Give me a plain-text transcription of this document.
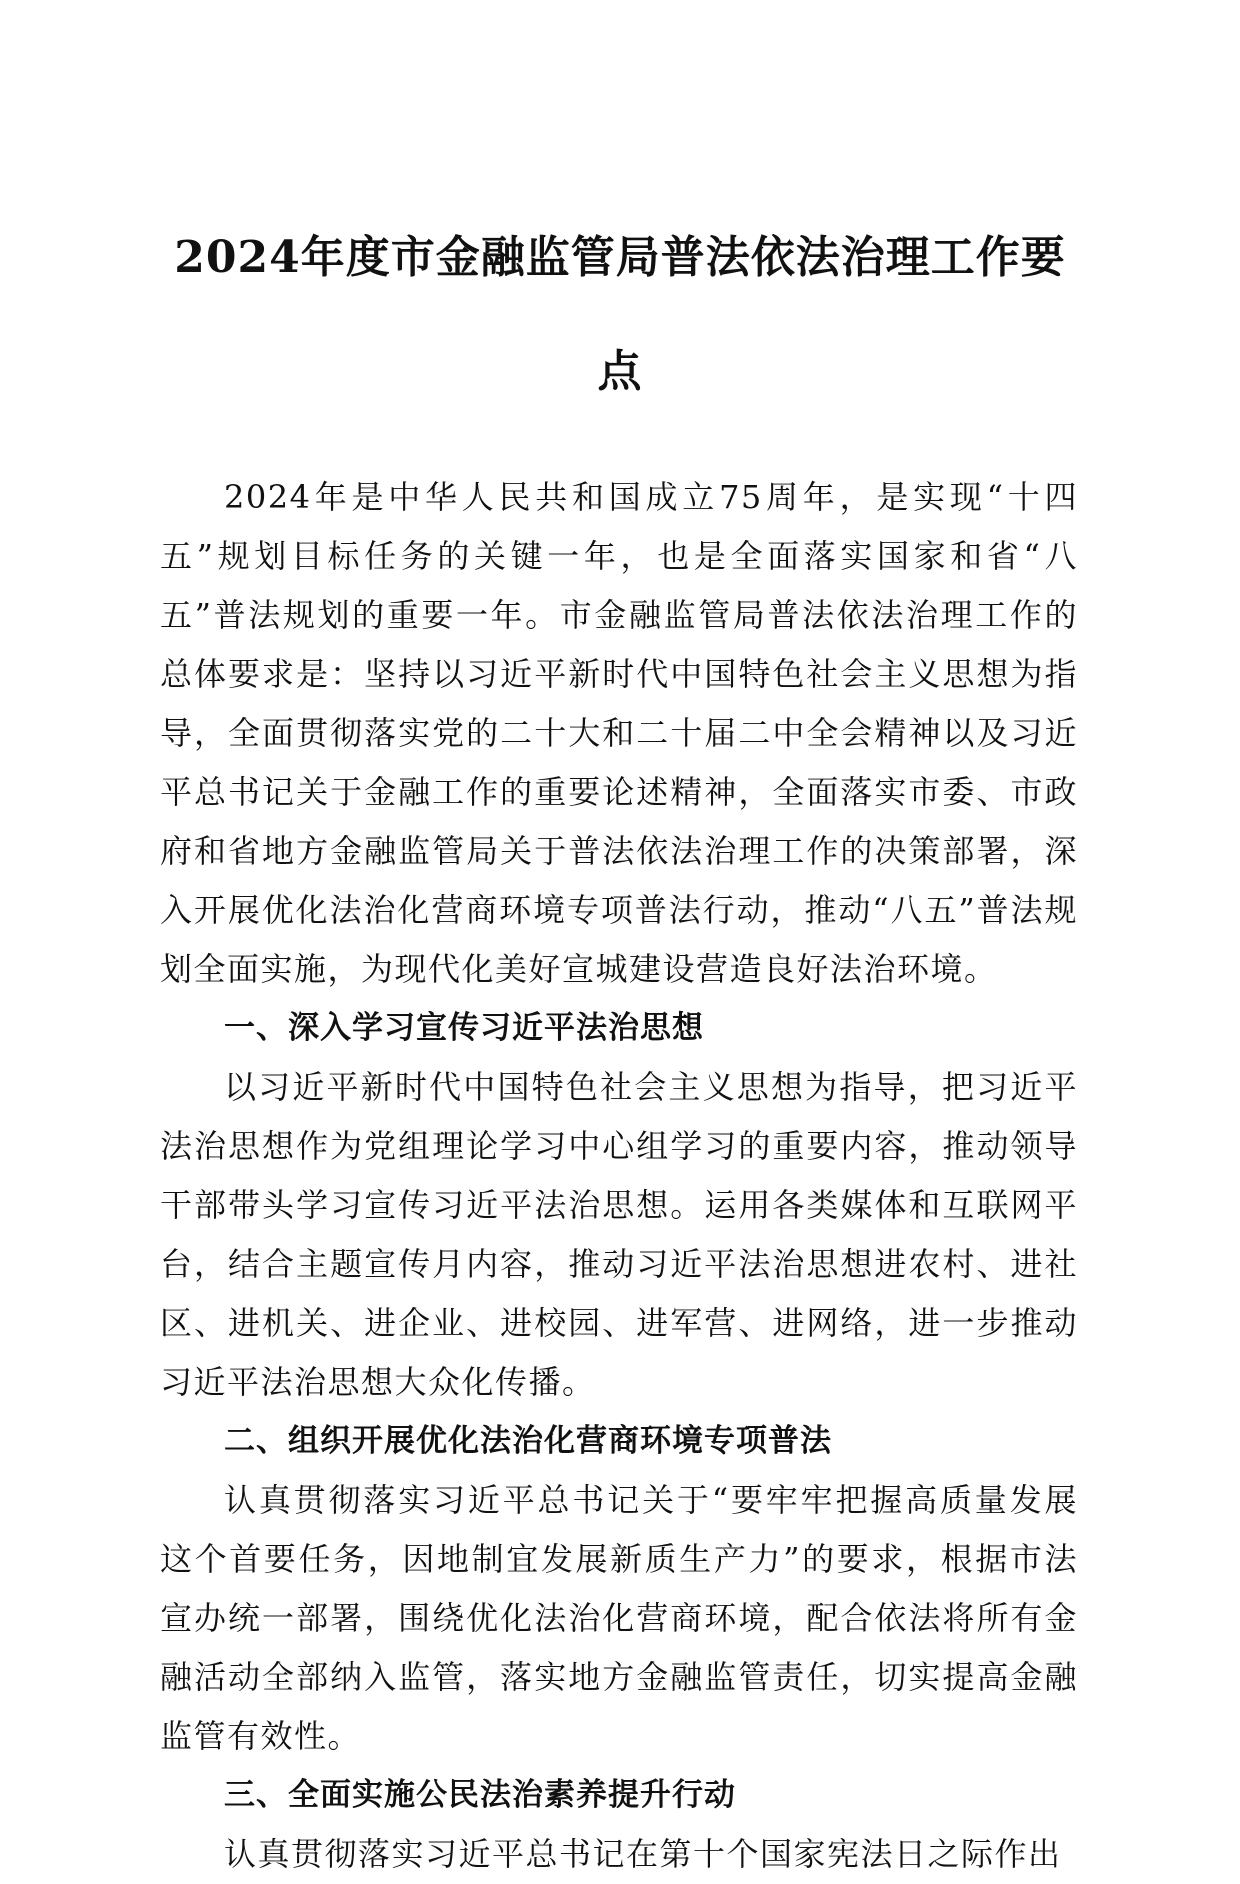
2024年度市金融监管局普法依法治理工作要
点

2024年是中华人民共和国成立75周年，是实现“十四五”规划目标任务的关键一年，也是全面落实国家和省“八五”普法规划的重要一年。市金融监管局普法依法治理工作的总体要求是：坚持以习近平新时代中国特色社会主义思想为指导，全面贯彻落实党的二十大和二十届二中全会精神以及习近平总书记关于金融工作的重要论述精神，全面落实市委、市政府和省地方金融监管局关于普法依法治理工作的决策部署，深入开展优化法治化营商环境专项普法行动，推动“八五”普法规划全面实施，为现代化美好宣城建设营造良好法治环境。

一、深入学习宣传习近平法治思想

以习近平新时代中国特色社会主义思想为指导，把习近平法治思想作为党组理论学习中心组学习的重要内容，推动领导干部带头学习宣传习近平法治思想。运用各类媒体和互联网平台，结合主题宣传月内容，推动习近平法治思想进农村、进社区、进机关、进企业、进校园、进军营、进网络，进一步推动习近平法治思想大众化传播。

二、组织开展优化法治化营商环境专项普法

认真贯彻落实习近平总书记关于“要牢牢把握高质量发展这个首要任务，因地制宜发展新质生产力”的要求，根据市法宣办统一部署，围绕优化法治化营商环境，配合依法将所有金融活动全部纳入监管，落实地方金融监管责任，切实提高金融监管有效性。

三、全面实施公民法治素养提升行动

认真贯彻落实习近平总书记在第十个国家宪法日之际作出
